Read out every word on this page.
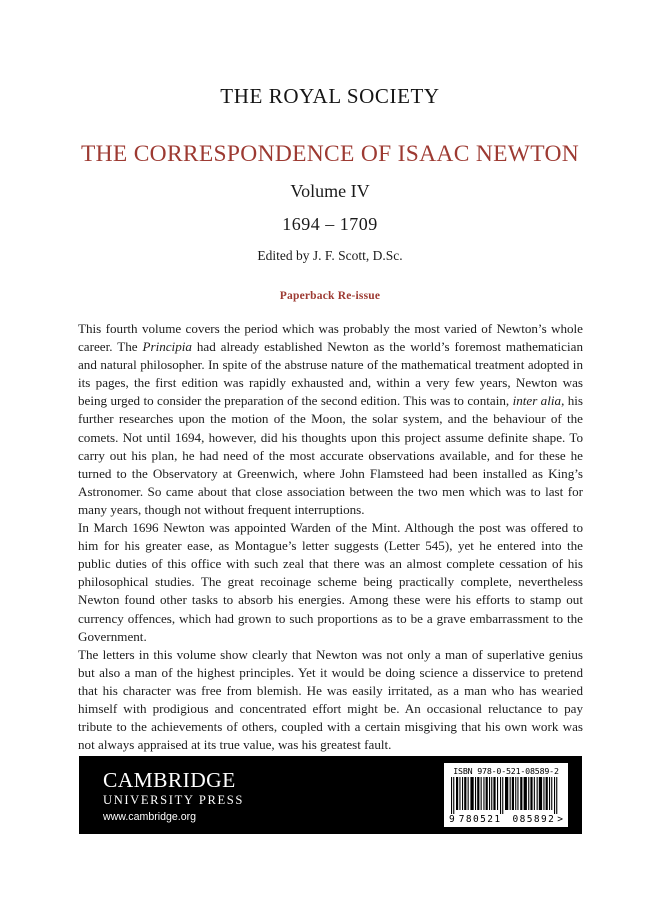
THE ROYAL SOCIETY
THE CORRESPONDENCE OF ISAAC NEWTON
Volume IV
1694 – 1709
Edited by J. F. Scott, D.Sc.
Paperback Re-issue

This fourth volume covers the period which was probably the most varied of Newton’s whole career. The Principia had already established Newton as the world’s foremost mathematician and natural philosopher. In spite of the abstruse nature of the mathematical treatment adopted in its pages, the first edition was rapidly exhausted and, within a very few years, Newton was being urged to consider the preparation of the second edition. This was to contain, inter alia, his further researches upon the motion of the Moon, the solar system, and the behaviour of the comets. Not until 1694, however, did his thoughts upon this project assume definite shape. To carry out his plan, he had need of the most accurate observations available, and for these he turned to the Observatory at Greenwich, where John Flamsteed had been installed as King’s Astronomer. So came about that close association between the two men which was to last for many years, though not without frequent interruptions.

In March 1696 Newton was appointed Warden of the Mint. Although the post was offered to him for his greater ease, as Montague’s letter suggests (Letter 545), yet he entered into the public duties of this office with such zeal that there was an almost complete cessation of his philosophical studies. The great recoinage scheme being practically complete, nevertheless Newton found other tasks to absorb his energies. Among these were his efforts to stamp out currency offences, which had grown to such proportions as to be a grave embarrassment to the Government.

The letters in this volume show clearly that Newton was not only a man of superlative genius but also a man of the highest principles. Yet it would be doing science a disservice to pretend that his character was free from blemish. He was easily irritated, as a man who has wearied himself with prodigious and concentrated effort might be. An occasional reluctance to pay tribute to the achievements of others, coupled with a certain misgiving that his own work was not always appraised at its true value, was his greatest fault.

CAMBRIDGE
UNIVERSITY PRESS
www.cambridge.org
ISBN 978-0-521-08589-2
9 780521 085892 >
